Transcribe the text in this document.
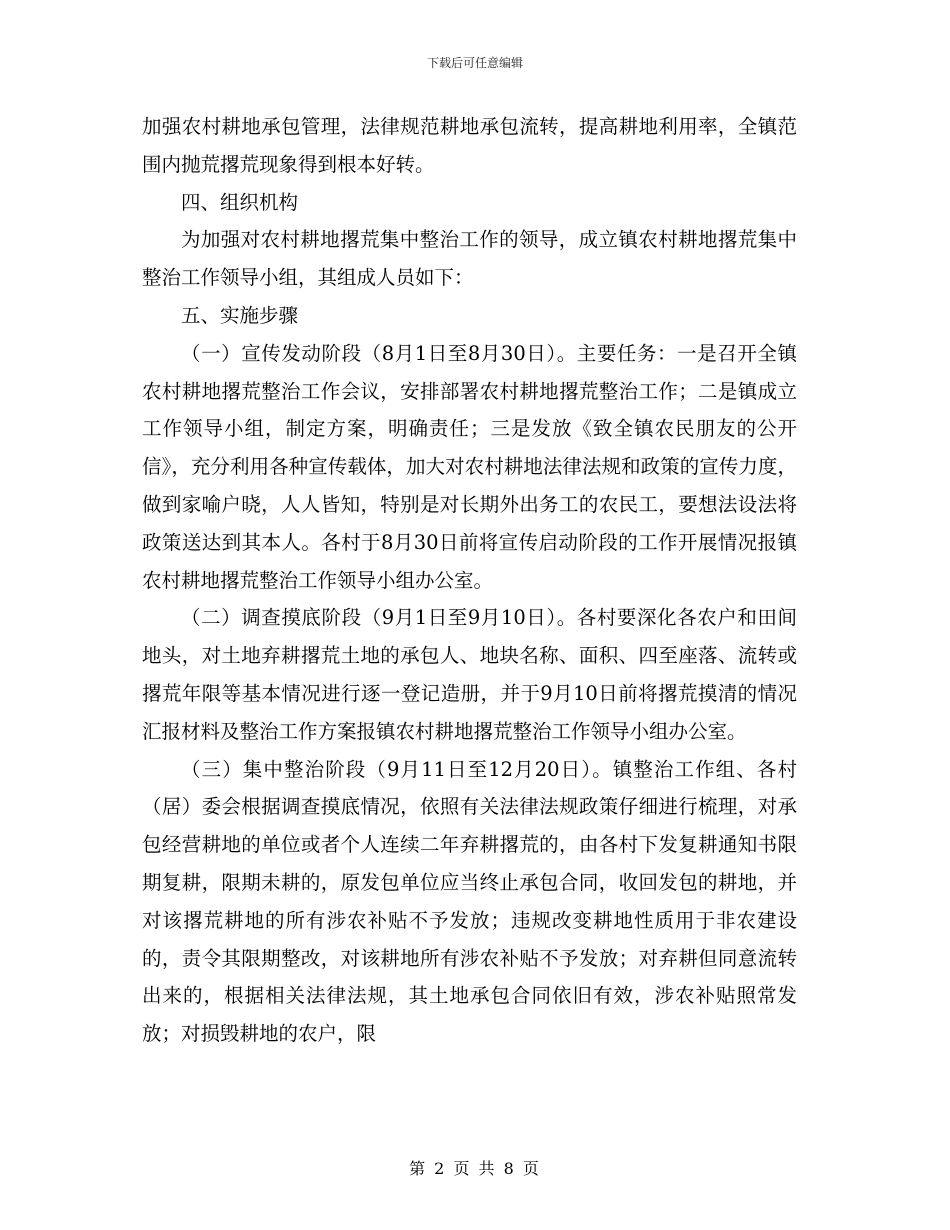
下载后可任意编辑

加强农村耕地承包管理，法律规范耕地承包流转，提高耕地利用率，全镇范围内抛荒撂荒现象得到根本好转。

四、组织机构

为加强对农村耕地撂荒集中整治工作的领导，成立镇农村耕地撂荒集中整治工作领导小组，其组成人员如下：

五、实施步骤

（一）宣传发动阶段（8月1日至8月30日）。主要任务：一是召开全镇农村耕地撂荒整治工作会议，安排部署农村耕地撂荒整治工作；二是镇成立工作领导小组，制定方案，明确责任；三是发放《致全镇农民朋友的公开信》，充分利用各种宣传载体，加大对农村耕地法律法规和政策的宣传力度，做到家喻户晓，人人皆知，特别是对长期外出务工的农民工，要想法设法将政策送达到其本人。各村于8月30日前将宣传启动阶段的工作开展情况报镇农村耕地撂荒整治工作领导小组办公室。

（二）调查摸底阶段（9月1日至9月10日）。各村要深化各农户和田间地头，对土地弃耕撂荒土地的承包人、地块名称、面积、四至座落、流转或撂荒年限等基本情况进行逐一登记造册，并于9月10日前将撂荒摸清的情况汇报材料及整治工作方案报镇农村耕地撂荒整治工作领导小组办公室。

（三）集中整治阶段（9月11日至12月20日）。镇整治工作组、各村（居）委会根据调查摸底情况，依照有关法律法规政策仔细进行梳理，对承包经营耕地的单位或者个人连续二年弃耕撂荒的，由各村下发复耕通知书限期复耕，限期未耕的，原发包单位应当终止承包合同，收回发包的耕地，并对该撂荒耕地的所有涉农补贴不予发放；违规改变耕地性质用于非农建设的，责令其限期整改，对该耕地所有涉农补贴不予发放；对弃耕但同意流转出来的，根据相关法律法规，其土地承包合同依旧有效，涉农补贴照常发放；对损毁耕地的农户，限

第 2 页 共 8 页
